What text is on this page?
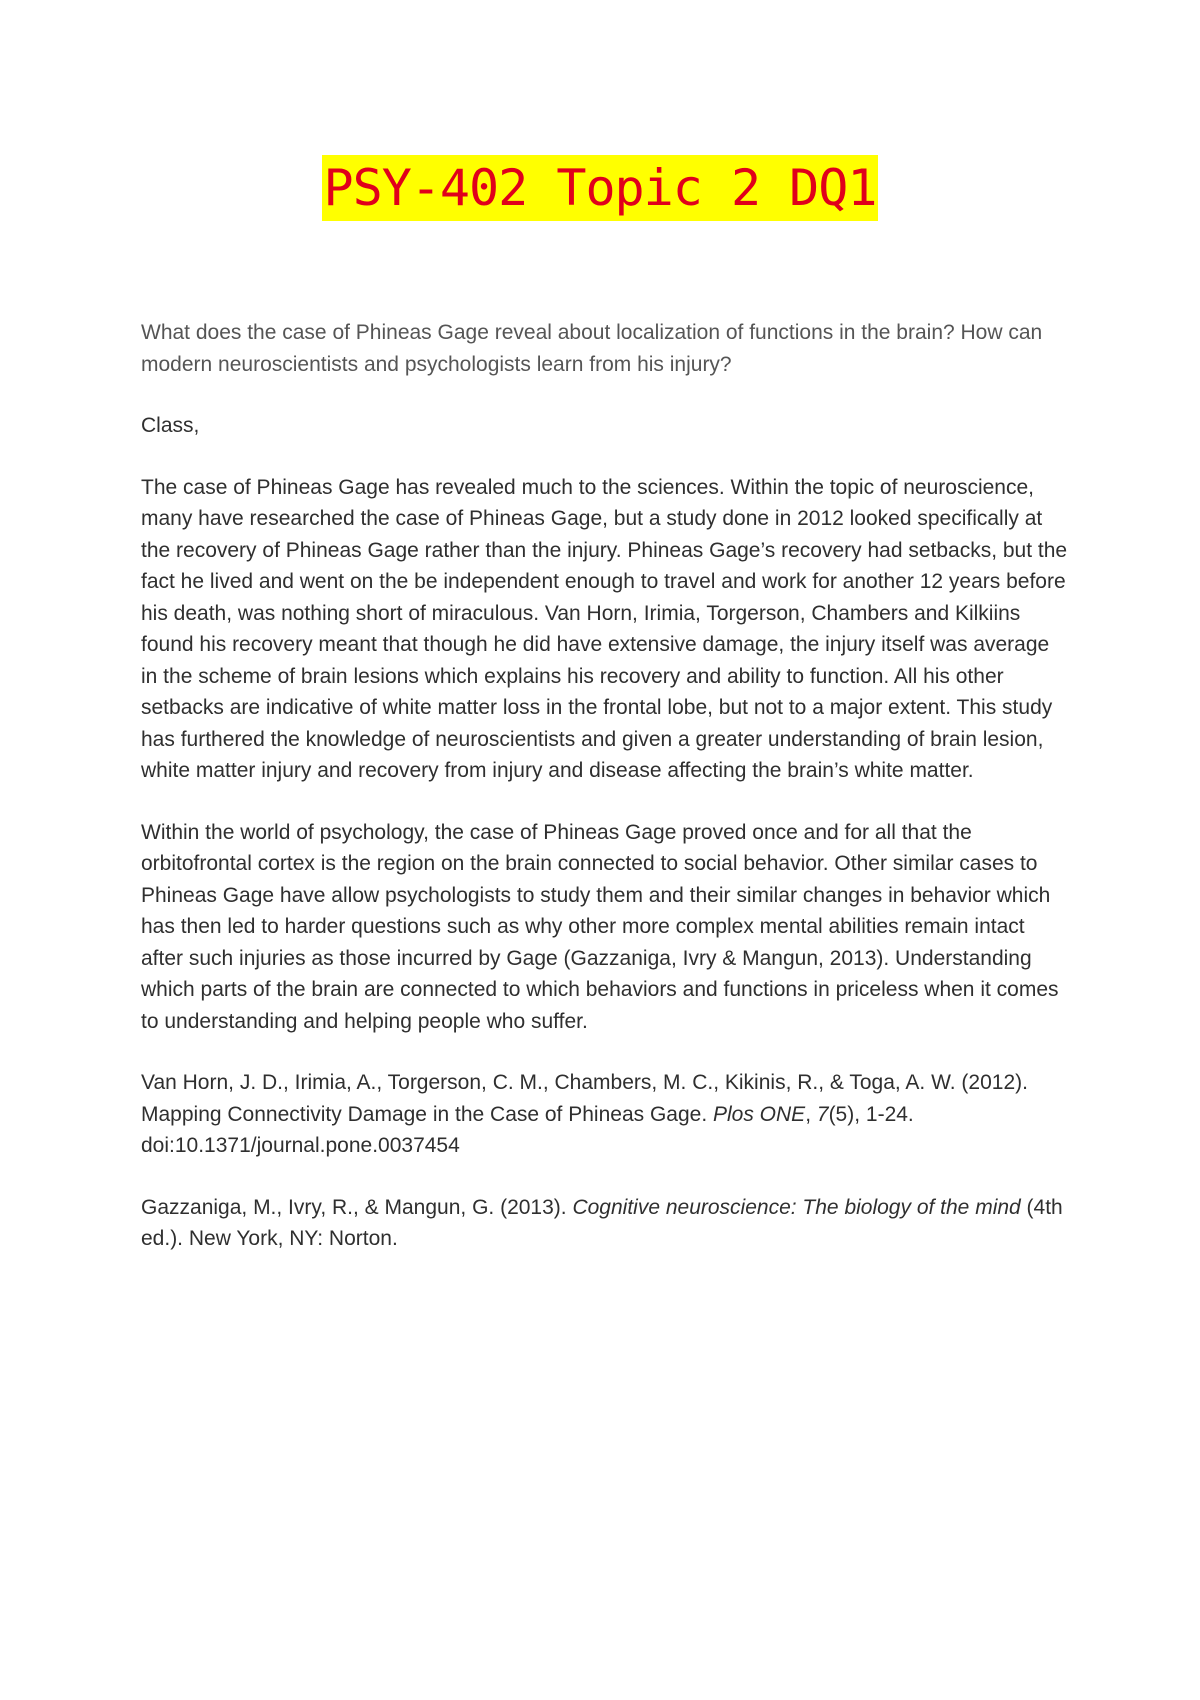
PSY-402 Topic 2 DQ1

What does the case of Phineas Gage reveal about localization of functions in the brain? How can modern neuroscientists and psychologists learn from his injury?

Class,

The case of Phineas Gage has revealed much to the sciences. Within the topic of neuroscience, many have researched the case of Phineas Gage, but a study done in 2012 looked specifically at the recovery of Phineas Gage rather than the injury. Phineas Gage’s recovery had setbacks, but the fact he lived and went on the be independent enough to travel and work for another 12 years before his death, was nothing short of miraculous. Van Horn, Irimia, Torgerson, Chambers and Kilkiins found his recovery meant that though he did have extensive damage, the injury itself was average in the scheme of brain lesions which explains his recovery and ability to function. All his other setbacks are indicative of white matter loss in the frontal lobe, but not to a major extent. This study has furthered the knowledge of neuroscientists and given a greater understanding of brain lesion, white matter injury and recovery from injury and disease affecting the brain’s white matter.

Within the world of psychology, the case of Phineas Gage proved once and for all that the orbitofrontal cortex is the region on the brain connected to social behavior. Other similar cases to Phineas Gage have allow psychologists to study them and their similar changes in behavior which has then led to harder questions such as why other more complex mental abilities remain intact after such injuries as those incurred by Gage (Gazzaniga, Ivry & Mangun, 2013). Understanding which parts of the brain are connected to which behaviors and functions in priceless when it comes to understanding and helping people who suffer.

Van Horn, J. D., Irimia, A., Torgerson, C. M., Chambers, M. C., Kikinis, R., & Toga, A. W. (2012). Mapping Connectivity Damage in the Case of Phineas Gage. Plos ONE, 7(5), 1-24. doi:10.1371/journal.pone.0037454

Gazzaniga, M., Ivry, R., & Mangun, G. (2013). Cognitive neuroscience: The biology of the mind (4th ed.). New York, NY: Norton.
